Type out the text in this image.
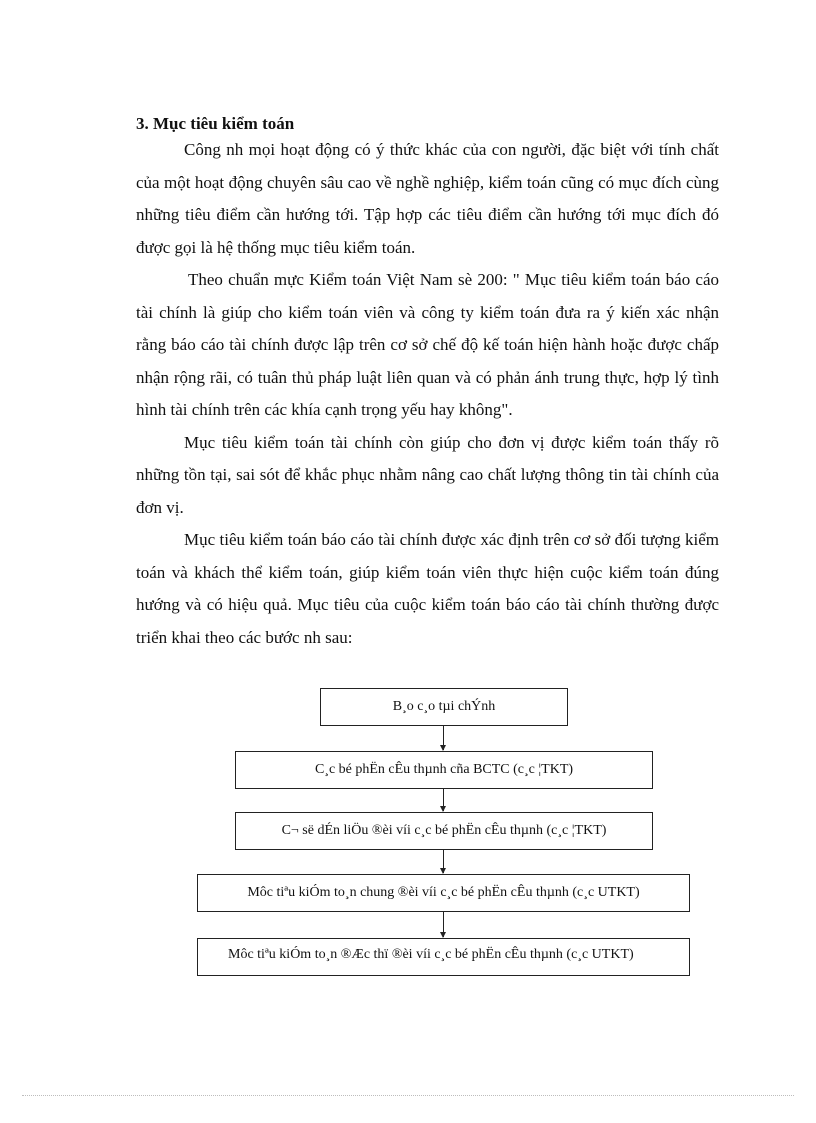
3. Mục tiêu kiểm toán

Công nh mọi hoạt động có ý thức khác của con người, đặc biệt với tính chất của một hoạt động chuyên sâu cao về nghề nghiệp, kiểm toán cũng có mục đích cùng những tiêu điểm cần hướng tới. Tập hợp các tiêu điểm cần hướng tới mục đích đó được gọi là hệ thống mục tiêu kiểm toán.

Theo chuẩn mực Kiểm toán Việt Nam sè 200: " Mục tiêu kiểm toán báo cáo tài chính là giúp cho kiểm toán viên và công ty kiểm toán đưa ra ý kiến xác nhận rằng báo cáo tài chính được lập trên cơ sở chế độ kế toán hiện hành hoặc được chấp nhận rộng rãi, có tuân thủ pháp luật liên quan và có phản ánh trung thực, hợp lý tình hình tài chính trên các khía cạnh trọng yếu hay không".

Mục tiêu kiểm toán tài chính còn giúp cho đơn vị được kiểm toán thấy rõ những tồn tại, sai sót để khắc phục nhằm nâng cao chất lượng thông tin tài chính của đơn vị.

Mục tiêu kiểm toán báo cáo tài chính được xác định trên cơ sở đối tượng kiểm toán và khách thể kiểm toán, giúp kiểm toán viên thực hiện cuộc kiểm toán đúng hướng và có hiệu quả. Mục tiêu của cuộc kiểm toán báo cáo tài chính thường được triển khai theo các bước nh sau:

B¸o c¸o tµi chÝnh
C¸c bé phËn cÊu thµnh cña BCTC (c¸c ¦TKT)
C¬ së dÉn liÖu ®èi víi c¸c bé phËn cÊu thµnh (c¸c ¦TKT)
Môc tiªu kiÓm to¸n chung ®èi víi c¸c bé phËn cÊu thµnh (c¸c UTKT)
Môc tiªu kiÓm to¸n ®Æc thï ®èi víi c¸c bé phËn cÊu thµnh (c¸c UTKT)
